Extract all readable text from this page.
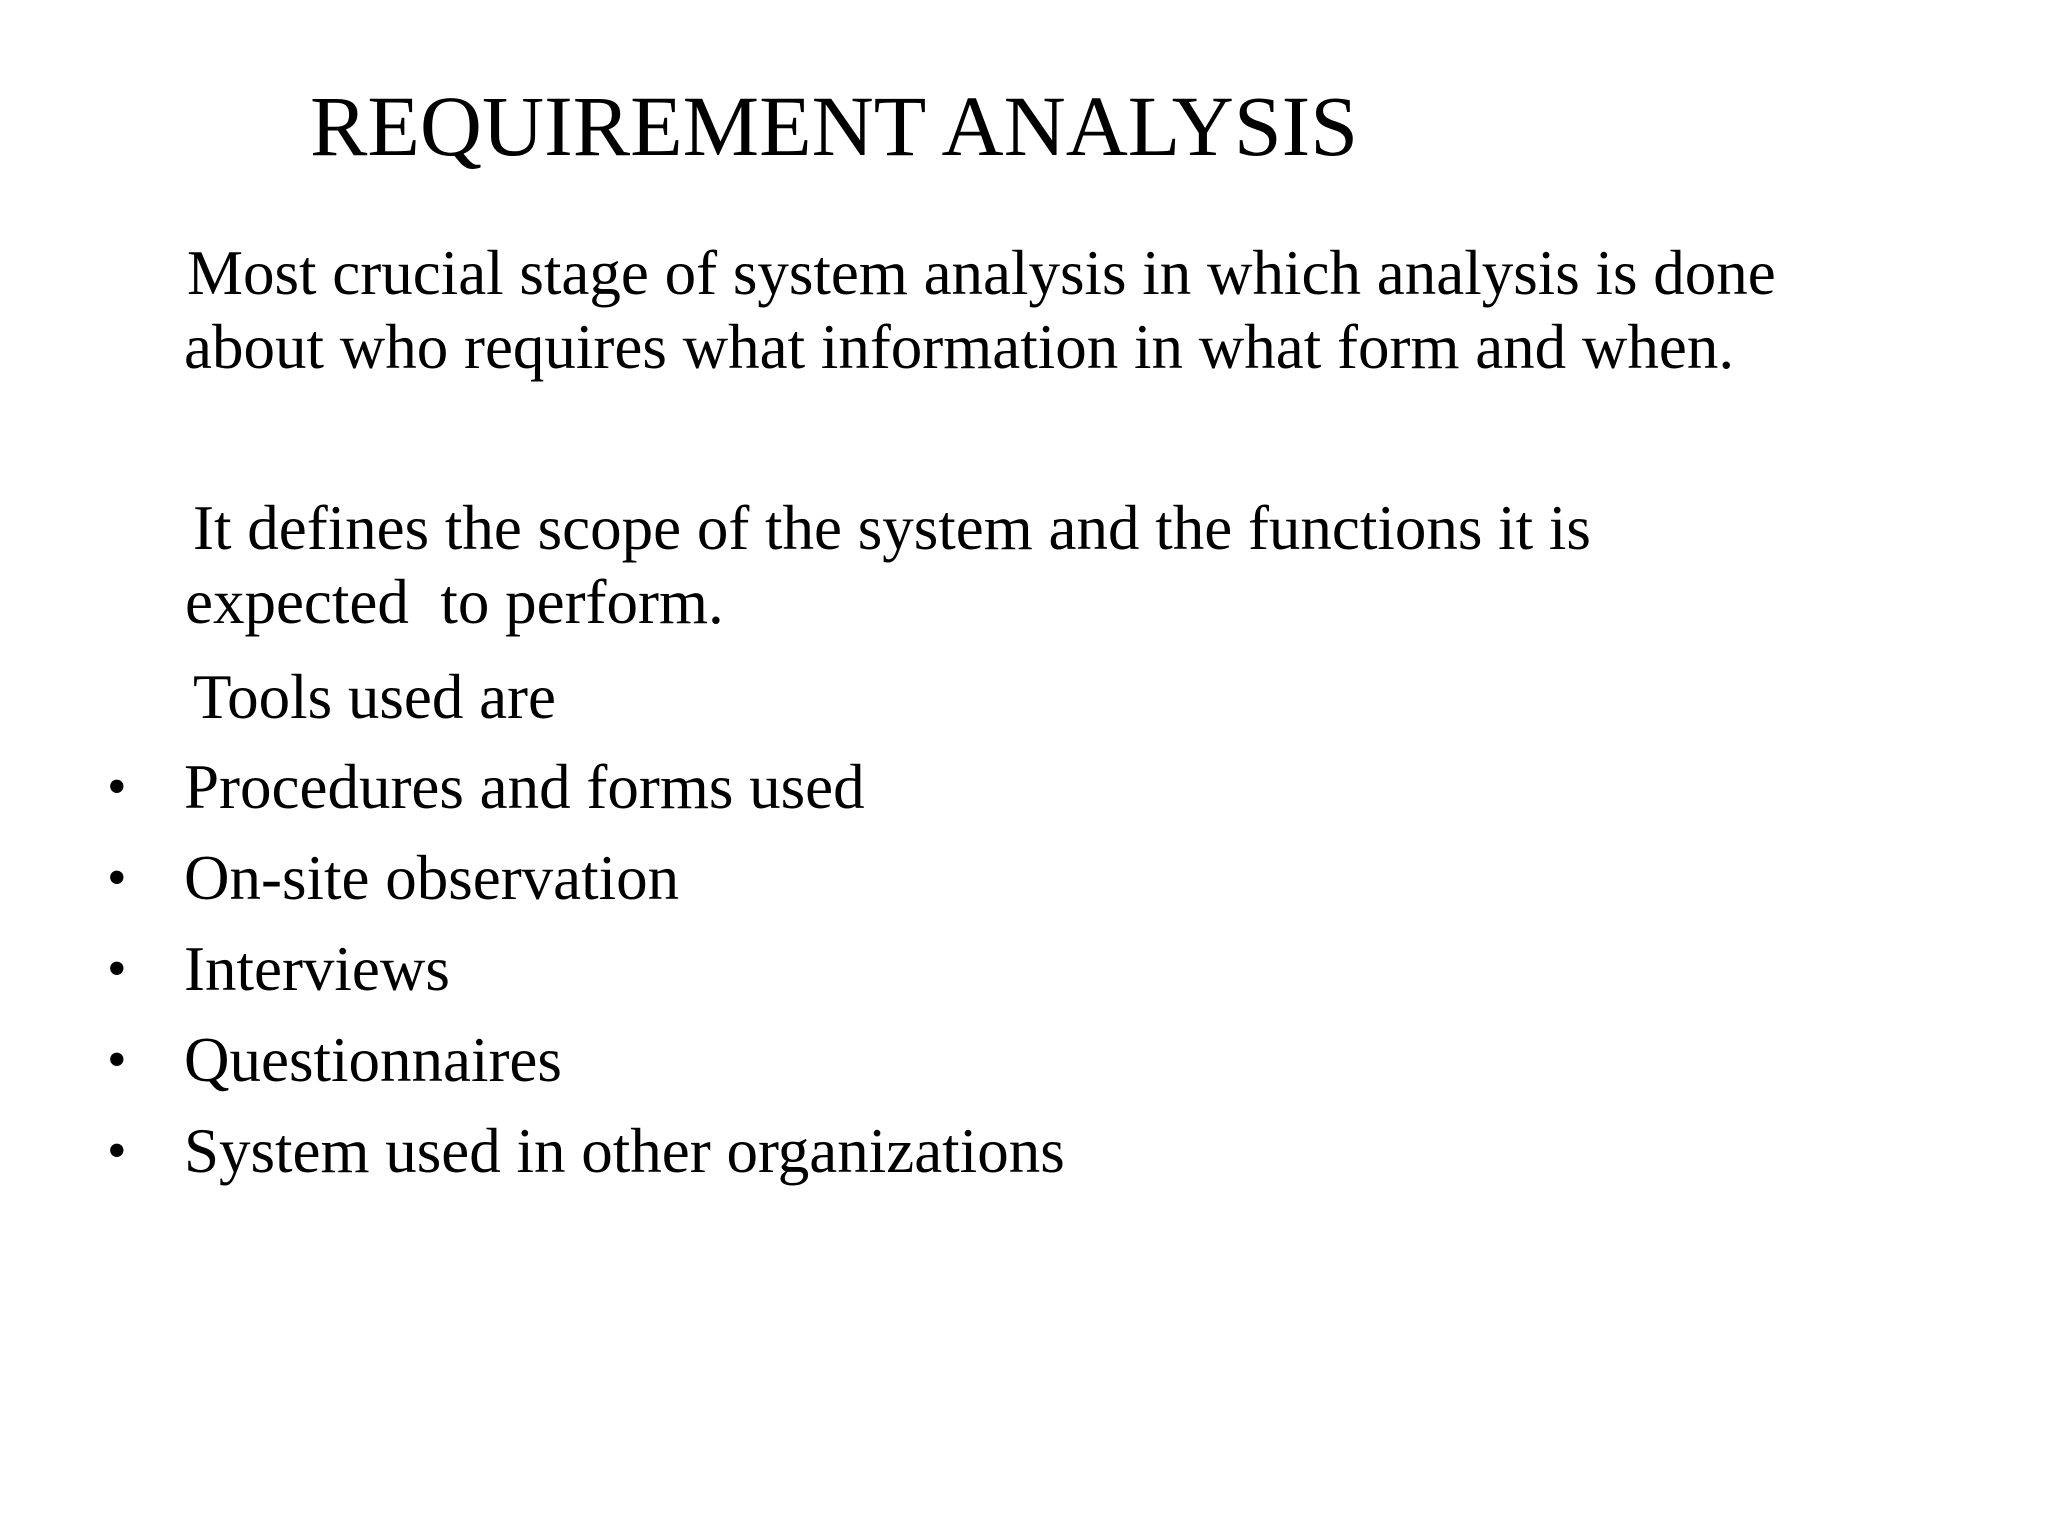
REQUIREMENT ANALYSIS
Most crucial stage of system analysis in which analysis is done
about who requires what information in what form and when.
It defines the scope of the system and the functions it is
expected  to perform.
Tools used are
• Procedures and forms used
• On-site observation
• Interviews
• Questionnaires
• System used in other organizations
